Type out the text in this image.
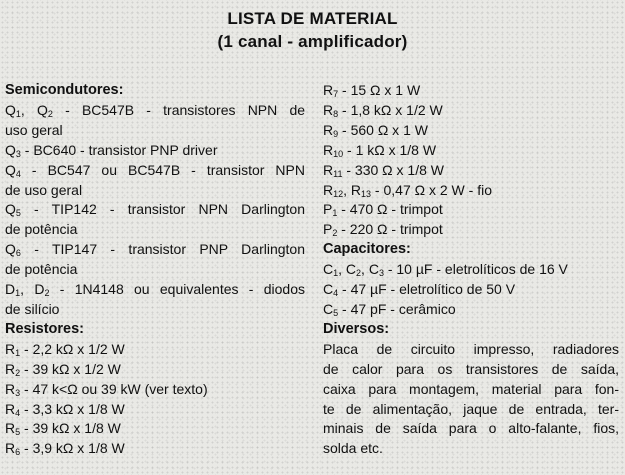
LISTA DE MATERIAL
(1 canal - amplificador)
Semicondutores:
$Q_1$, $Q_2 - BC547B$ - transistores NPN de
uso geral
$Q_3 - BC640$ - transistor PNP driver
$Q_4 - BC547$ ou BC547B - transistor NPN
de uso geral
$Q_5 - TIP142$ - transistor NPN Darlington
de potência
$Q_6 - TIP147$ - transistor PNP Darlington
de potência
$D_1$, $D_2 - 1N4148$ ou equivalentes - diodos
de silício
Resistores:
$R_1 - 2,2$ kΩ x 1/2 W
$R_2 - 39$ kΩ x 1/2 W
$R_3 - 47$ k<Ω ou 39 kW (ver texto)
$R_4 - 3,3$ kΩ x 1/8 W
$R_5 - 39$ kΩ x 1/8 W
$R_6 - 3,9$ kΩ x 1/8 W
$R_7 - 15$ Ω x 1 W
$R_8 - 1,8$ kΩ x 1/2 W
$R_9 - 560$ Ω x 1 W
$R_{10} - 1$ kΩ x 1/8 W
$R_{11} - 330$ Ω x 1/8 W
$R_{12}$, $R_{13} - 0,47$ Ω x 2 W - fio
$P_1 - 470$ Ω - trimpot
$P_2 - 220$ Ω - trimpot
Capacitores:
$C_1$, $C_2$, $C_3 - 10$ µF - eletrolíticos de 16 V
$C_4 - 47$ µF - eletrolítico de 50 V
$C_5 - 47$ pF - cerâmico
Diversos:
Placa de circuito impresso, radiadores
de calor para os transistores de saída,
caixa para montagem, material para fon-
te de alimentação, jaque de entrada, ter-
minais de saída para o alto-falante, fios,
solda etc.
